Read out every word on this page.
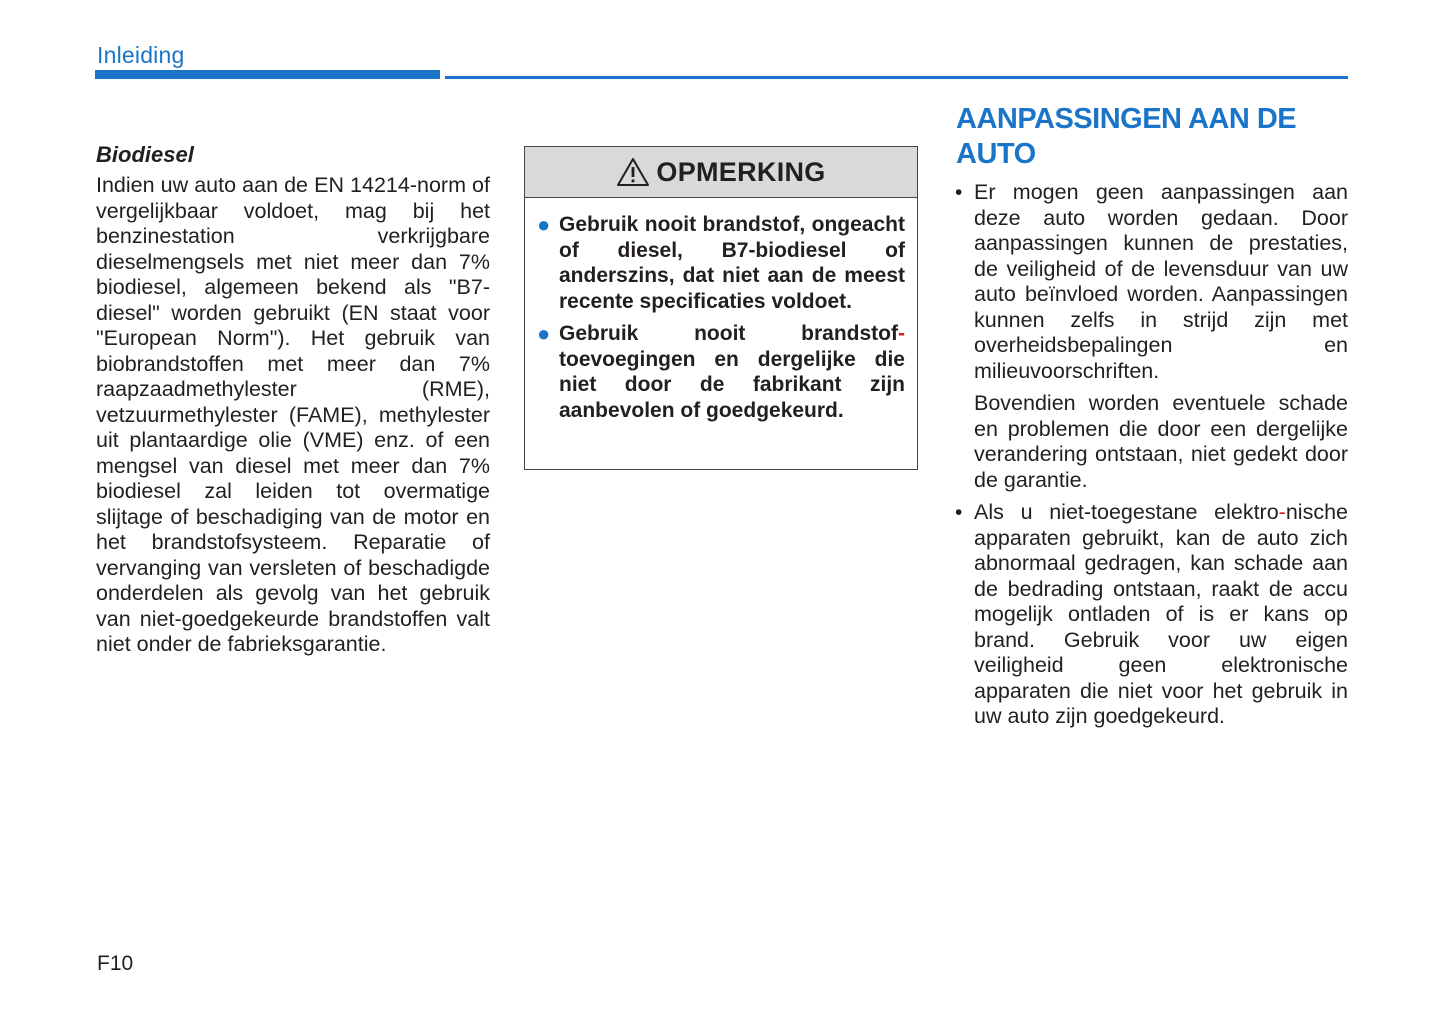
Inleiding
Biodiesel

Indien uw auto aan de EN 14214-norm of vergelijkbaar voldoet, mag bij het benzinestation verkrijgbare dieselmengsels met niet meer dan 7% biodiesel, algemeen bekend als "B7-diesel" worden gebruikt (EN staat voor "European Norm"). Het gebruik van biobrandstoffen met meer dan 7% raapzaadmethylester (RME), vetzuurmethylester (FAME), methylester uit plantaardige olie (VME) enz. of een mengsel van diesel met meer dan 7% biodiesel zal leiden tot overmatige slijtage of beschadiging van de motor en het brandstofsysteem. Reparatie of vervanging van versleten of beschadigde onderdelen als gevolg van het gebruik van niet-goedgekeurde brandstoffen valt niet onder de fabrieksgarantie.

OPMERKING
● Gebruik nooit brandstof, ongeacht of diesel, B7-biodiesel of anderszins, dat niet aan de meest recente specificaties voldoet.
● Gebruik nooit brandstof- toevoegingen en dergelijke die niet door de fabrikant zijn aanbevolen of goedgekeurd.
AANPASSINGEN AAN DE AUTO
• Er mogen geen aanpassingen aan deze auto worden gedaan. Door aanpassingen kunnen de prestaties, de veiligheid of de levensduur van uw auto beïnvloed worden. Aanpassingen kunnen zelfs in strijd zijn met overheidsbepalingen en milieuvoorschriften.

Bovendien worden eventuele schade en problemen die door een dergelijke verandering ontstaan, niet gedekt door de garantie.

• Als u niet-toegestane elektro-nische apparaten gebruikt, kan de auto zich abnormaal gedragen, kan schade aan de bedrading ontstaan, raakt de accu mogelijk ontladen of is er kans op brand. Gebruik voor uw eigen veiligheid geen elektronische apparaten die niet voor het gebruik in uw auto zijn goedgekeurd.

F10
